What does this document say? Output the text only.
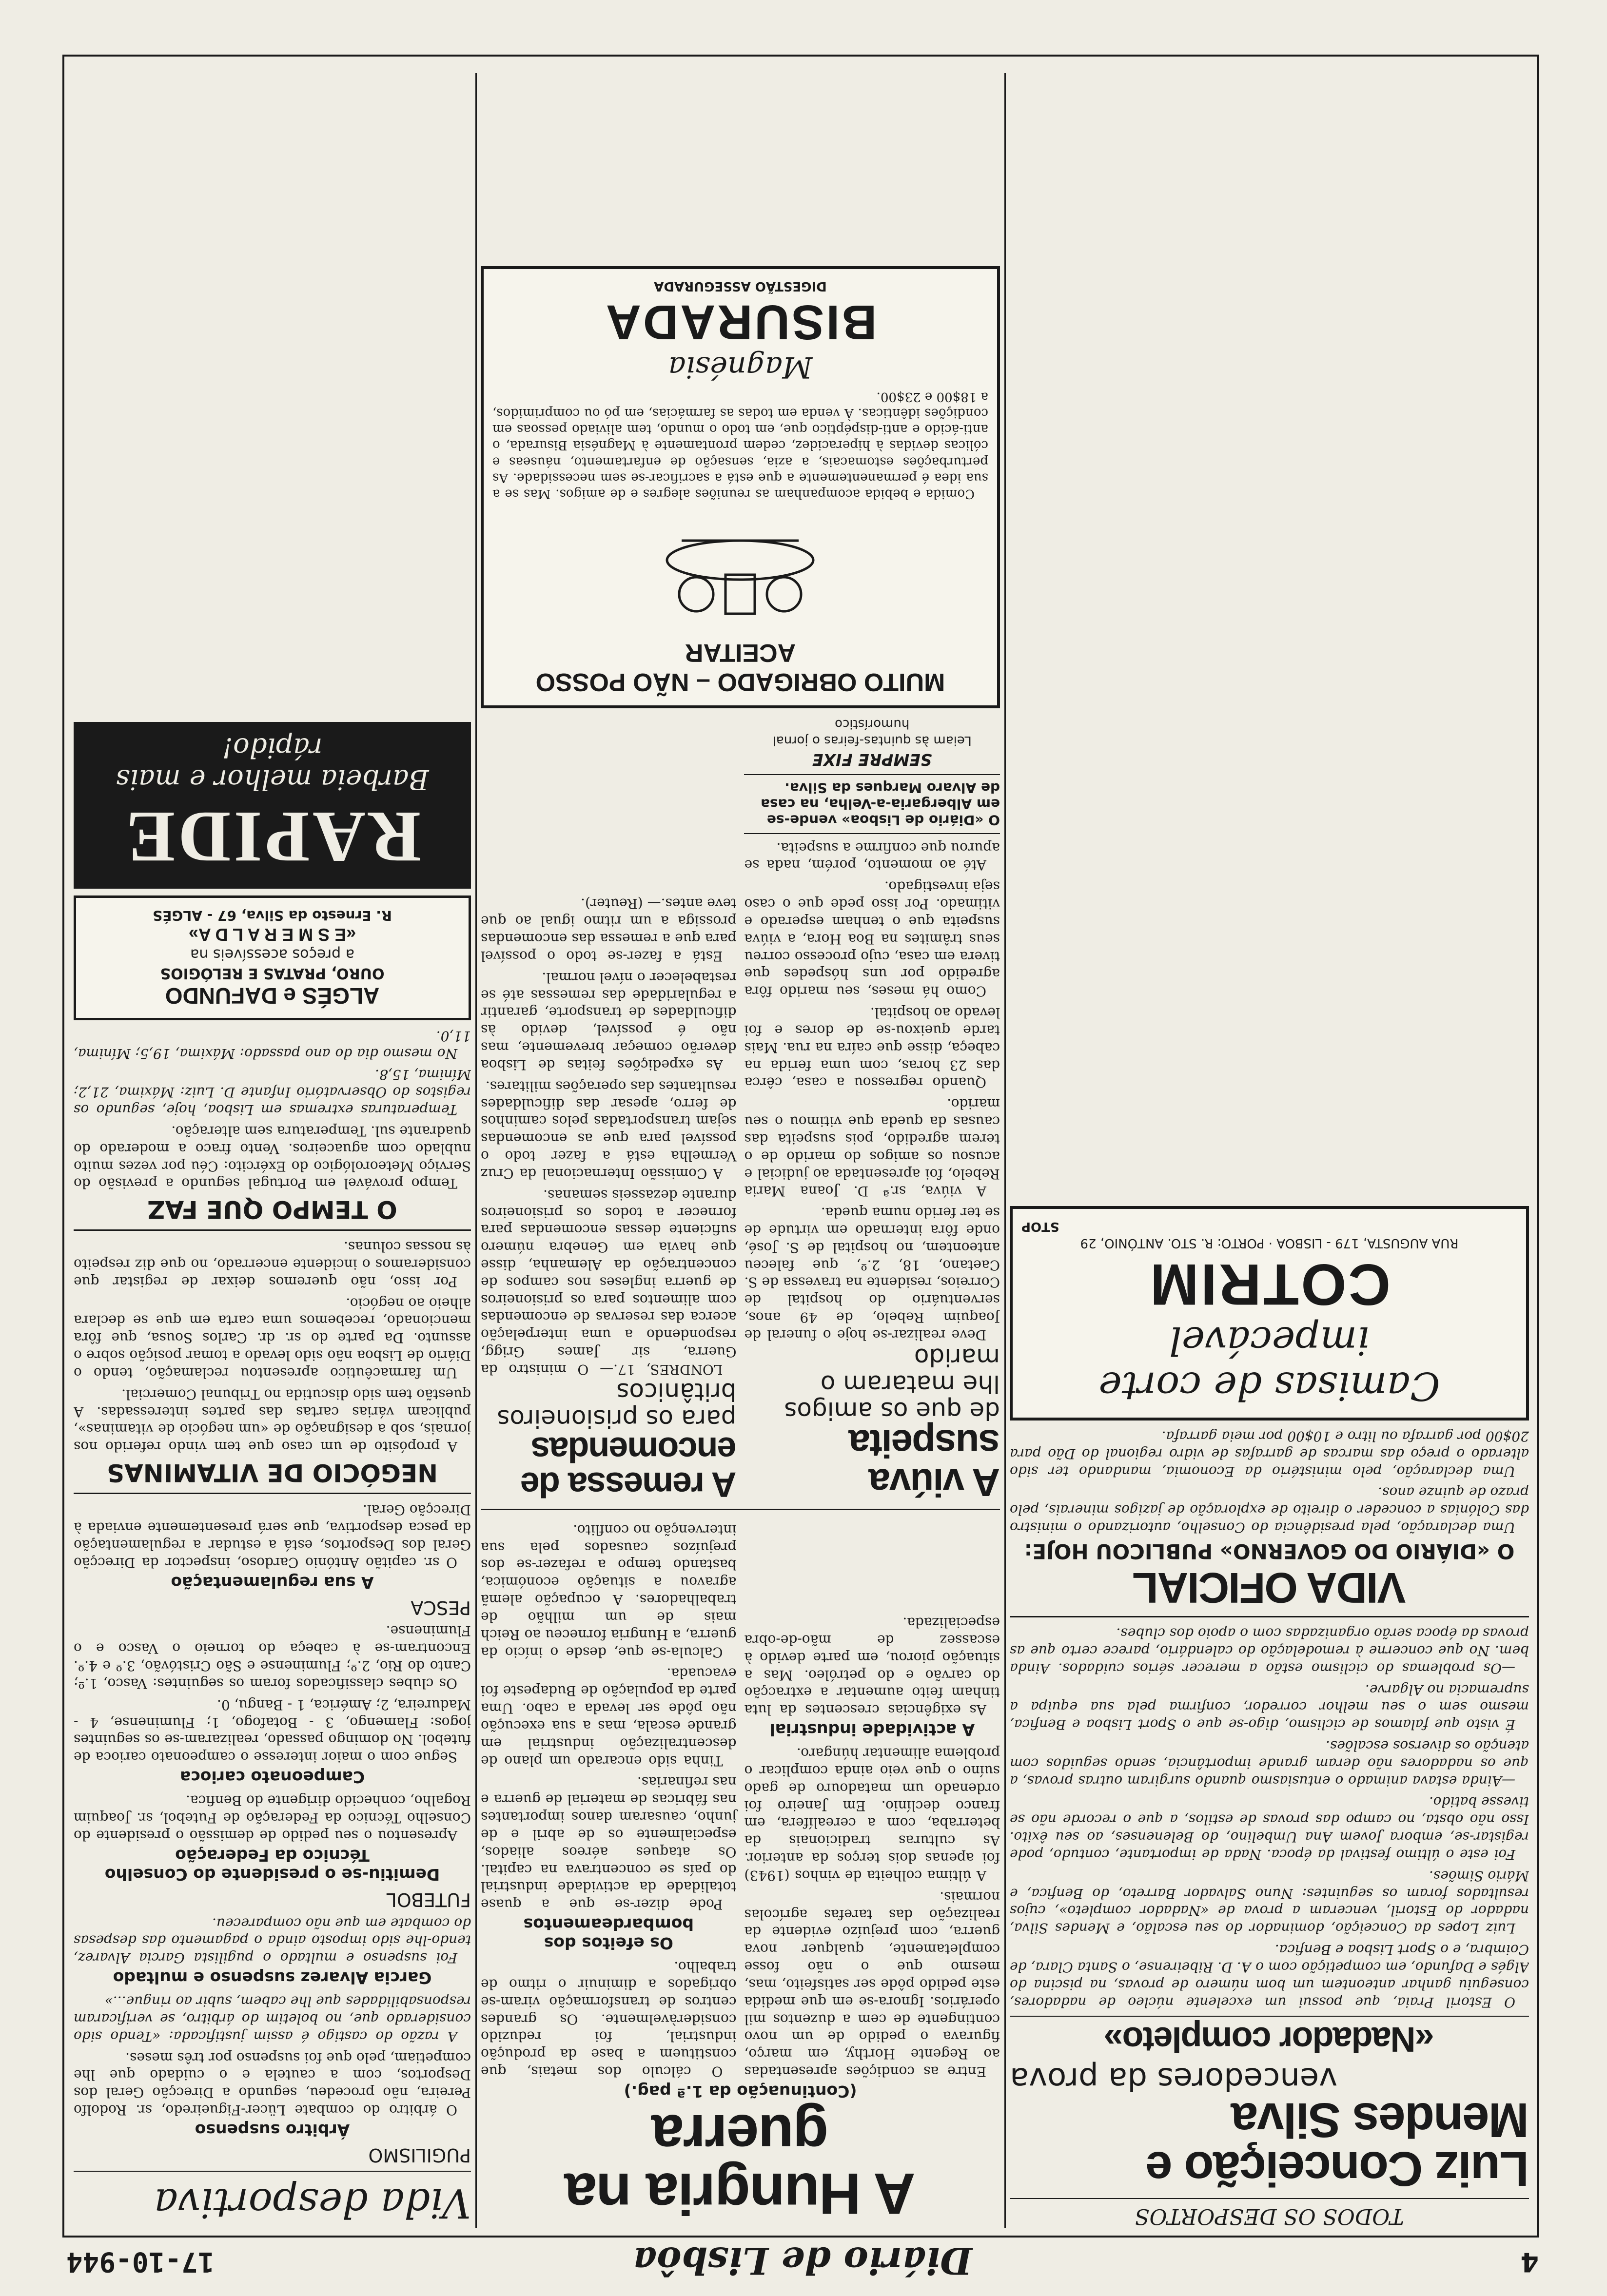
4
Diário de Lisbôa
17-10-944
TODOS OS DESPORTOS
Luiz Conceição e Mendes Silva
vencedores da prova
«Nadador completo»

O Estoril Praia, que possui um excelente núcleo de nadadores, conseguiu ganhar anteontem um bom número de provas, na piscina do Algés e Dafundo, em competição com o A. D. Ribeirense, o Santa Clara, de Coimbra, e o Sport Lisboa e Benfica.

Luiz Lopes da Conceição, dominador do seu escalão, e Mendes Silva, nadador do Estoril, venceram a prova de «Nadador completo», cujos resultados foram os seguintes: Nuno Salvador Barreto, do Benfica, e Mário Simões.

Foi este o último festival da época. Nada de importante, contudo, pode registar-se, embora Jovem Ana Umbelino, do Belenenses, ao seu êxito. Isso não obsta, no campo das provas de estilos, a que o recorde não se tivesse batido.

—Ainda estava animado o entusiasmo quando surgiram outras provas, a que os nadadores não deram grande importância, sendo seguidos com atenção os diversos escalões.

É visto que falamos de ciclismo, digo-se que o Sport Lisboa e Benfica, mesmo sem o seu melhor corredor, confirma pela sua equipa a supremacia no Algarve.

—Os problemas do ciclismo estão a merecer sérios cuidados. Ainda bem. No que concerne à remodelação do calendário, parece certo que as provas da época serão organizadas com o apoio dos clubes.

VIDA OFICIAL
O «DIÁRIO DO GOVERNO» PUBLICOU HOJE:

Uma declaração, pela presidência do Conselho, autorizando o ministro das Colónias a conceder o direito de exploração de jazigos minerais, pelo prazo de quinze anos.

Uma declaração, pelo ministério da Economia, mandando ter sido alterado o preço das marcas de garrafas de vidro regional do Dão para 20$00 por garrafa ou litro e 10$00 por meia garrafa.

Camisas de corte impecável
COTRIM
RUA AUGUSTA, 179 - LISBOA · PORTO: R. STO. ANTÓNIO, 29
STOP
A Hungria na guerra
(Continuação da 1.ª pag.)

Entre as condições apresentadas ao Regente Horthy, em março, figurava o pedido de um novo contingente de cem a duzentos mil operários. Ignora-se em que medida este pedido pôde ser satisfeito, mas, mesmo que o não fosse completamente, qualquer nova guerra, com prejuízo evidente da realização das tarefas agrícolas normais.

A última colheita de vinhos (1943) foi apenas dois terços da anterior. As culturas tradicionais da beterraba, com a cerealífera, em franco declínio. Em Janeiro foi ordenado um matadouro de gado suíno o que veio ainda complicar o problema alimentar húngaro.

A actividade industrial

As exigências crescentes da luta tinham feito aumentar a extracção do carvão e do petróleo. Mas a situação piorou, em parte devido à escassez de mão-de-obra especializada.

O cálculo dos metais, que constituem a base da produção industrial, foi reduzido consideràvelmente. Os grandes centros de transformação viram-se obrigados a diminuir o ritmo de trabalho.

Os efeitos dos bombardeamentos

Pode dizer-se que a quase totalidade da actividade industrial do país se concentrava na capital. Os ataques aéreos aliados, especialmente os de abril e de junho, causaram danos importantes nas fábricas de material de guerra e nas refinarias.

Tinha sido encarado um plano de descentralização industrial em grande escala, mas a sua execução não pôde ser levada a cabo. Uma parte da população de Budapeste foi evacuada.

Calcula-se que, desde o início da guerra, a Hungria forneceu ao Reich mais de um milhão de trabalhadores. A ocupação alemã agravou a situação económica, bastando tempo a refazer-se dos prejuízos causados pela sua intervenção no conflito.

A viúva suspeita
de que os amigos lhe mataram o marido

Deve realizar-se hoje o funeral de Joaquim Rebelo, de 49 anos, serventuário do hospital de Correios, residente na travessa de S. Caetano, 18, 2.º, que faleceu anteontem, no hospital de S. José, onde fôra internado em virtude de se ter ferido numa queda.

A viúva, sr.ª D. Joana Maria Rebelo, foi apresentada ao judicial e acusou os amigos do marido de o terem agredido, pois suspeita das causas da queda que vitimou o seu marido.

Quando regressou a casa, cêrca das 23 horas, com uma ferida na cabeça, disse que caíra na rua. Mais tarde queixou-se de dores e foi levado ao hospital.

Como há meses, seu marido fôra agredido por uns hóspedes que tivera em casa, cujo processo correu seus trâmites na Boa Hora, a viúva suspeita que o tenham esperado e vitimado. Por isso pede que o caso seja investigado.

Até ao momento, porém, nada se apurou que confirme a suspeita.

O «Diário de Lisboa» vende-se em Albergaria-a-Velha, na casa de Alvaro Marques da Silva.
SEMPRE FIXE
Leiam às quintas-feiras o jornal humorístico
A remessa de encomendas
para os prisioneiros britânicos

LONDRES, 17.— O ministro da Guerra, sir James Grigg, respondendo a uma interpelação acerca das reservas de encomendas com alimentos para os prisioneiros de guerra ingleses nos campos de concentração da Alemanha, disse que havia em Genebra número suficiente dessas encomendas para fornecer a todos os prisioneiros durante dezasseis semanas.

A Comissão Internacional da Cruz Vermelha está a fazer todo o possível para que as encomendas sejam transportadas pelos caminhos de ferro, apesar das dificuldades resultantes das operações militares.

As expedições feitas de Lisboa deverão começar brevemente, mas não é possível, devido às dificuldades de transporte, garantir a regularidade das remessas até se restabelecer o nível normal.

Está a fazer-se todo o possível para que a remessa das encomendas prossiga a um ritmo igual ao que teve antes.— (Reuter).

MUITO OBRIGADO – NÃO POSSO ACEITAR

Comida e bebida acompanham as reuniões alegres e de amigos. Mas se a sua idea é permanentemente a que está a sacrificar-se sem necessidade. As perturbações estomacais, a azia, sensação de enfartamento, náuseas e cólicas devidas à hiperacidez, cedem prontamente à Magnésia Bisurada, o anti-ácido e anti-dispéptico que, em todo o mundo, tem aliviado pessoas em condições idênticas. À venda em todas as farmácias, em pó ou comprimidos, a 18$00 e 23$00.

Magnésia
BISURADA
DIGESTÃO ASSEGURADA
Vida desportiva
PUGILISMO
Árbitro suspenso

O árbitro do combate Lücer-Figueiredo, sr. Rodolfo Pereira, não procedeu, segundo a Direcção Geral dos Desportos, com a cautela e o cuidado que lhe competiam, pelo que foi suspenso por três meses.

A razão do castigo é assim justificada: «Tendo sido considerado que, no boletim do árbitro, se verificaram responsabilidades que lhe cabem, subir ao ringue...»

Garcia Alvarez suspenso e multado

Foi suspenso e multado o pugilista Garcia Alvarez, tendo-lhe sido imposto ainda o pagamento das despesas do combate em que não compareceu.

FUTEBOL
Demitiu-se o presidente do Conselho Técnico da Federação

Apresentou o seu pedido de demissão o presidente do Conselho Técnico da Federação de Futebol, sr. Joaquim Rogalho, conhecido dirigente do Benfica.

Campeonato carioca

Segue com o maior interesse o campeonato carioca de futebol. No domingo passado, realizaram-se os seguintes jogos: Flamengo, 3 - Botafogo, 1; Fluminense, 4 - Madureira, 2; América, 1 - Bangu, 0.

Os clubes classificados foram os seguintes: Vasco, 1.º; Canto do Rio, 2.º; Fluminense e São Cristóvão, 3.º e 4.º. Encontram-se à cabeça do torneio o Vasco e o Fluminense.

PESCA
A sua regulamentação

O sr. capitão António Cardoso, inspector da Direcção Geral dos Desportos, está a estudar a regulamentação da pesca desportiva, que será presentemente enviada à Direcção Geral.

NEGÓCIO DE VITAMINAS

A propósito de um caso que tem vindo referido nos jornais, sob a designação de «um negócio de vitaminas», publicam várias cartas das partes interessadas. A questão tem sido discutida no Tribunal Comercial.

Um farmacêutico apresentou reclamação, tendo o Diário de Lisboa não sido levado a tomar posição sobre o assunto. Da parte do sr. dr. Carlos Sousa, que fôra mencionado, recebemos uma carta em que se declara alheio ao negócio.

Por isso, não queremos deixar de registar que consideramos o incidente encerrado, no que diz respeito às nossas colunas.

O TEMPO QUE FAZ

Tempo provável em Portugal segundo a previsão do Serviço Meteorológico do Exército: Céu por vezes muito nublado com aguaceiros. Vento fraco a moderado do quadrante sul. Temperatura sem alteração.

Temperaturas extremas em Lisboa, hoje, segundo os registos do Observatório Infante D. Luiz: Máxima, 21,2; Mínima, 15,8.

No mesmo dia do ano passado: Máxima, 19,5; Mínima, 11,0.

ALGÉS e DAFUNDO
OURO, PRATAS E RELÓGIOS
a preços acessíveis na
«E S M E R A L D A»
R. Ernesto da Silva, 67 - ALGÉS
RAPIDE
Barbeia melhor e mais rápido!
